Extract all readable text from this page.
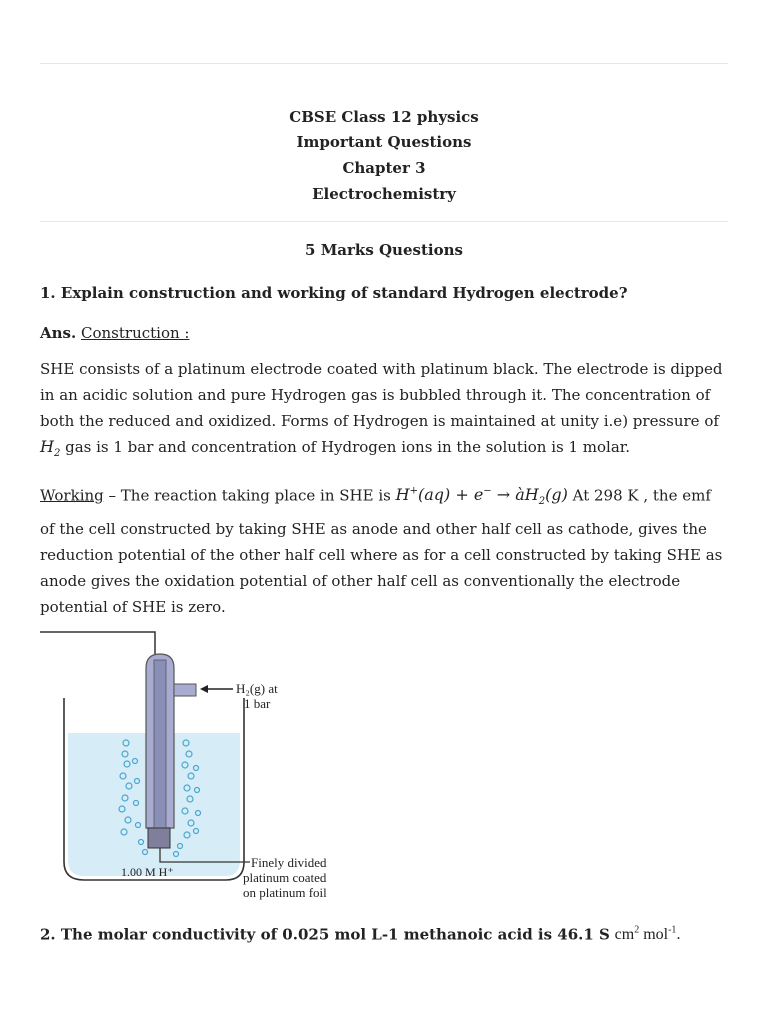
CBSE Class 12 physics
Important Questions
Chapter 3
Electrochemistry
5 Marks Questions
1. Explain construction and working of standard Hydrogen electrode?
Ans. Construction :
SHE consists of a platinum electrode coated with platinum black. The electrode is dipped in an acidic solution and pure Hydrogen gas is bubbled through it. The concentration of both the reduced and oxidized. Forms of Hydrogen is maintained at unity i.e) pressure of $H_2$ gas is 1 bar and concentration of Hydrogen ions in the solution is 1 molar.
Working – The reaction taking place in SHE is $H^+(aq) + e^- \to àH_2(g)$ At 298 K , the emf of the cell constructed by taking SHE as anode and other half cell as cathode, gives the reduction potential of the other half cell where as for a cell constructed by taking SHE as anode gives the oxidation potential of other half cell as conventionally the electrode potential of SHE is zero.
H₂(g) at
1 bar
1.00 M H⁺
Finely divided
platinum coated
on platinum foil
2. The molar conductivity of 0.025 mol L-1 methanoic acid is 46.1 S $cm^2$ mol$^{-1}$.
